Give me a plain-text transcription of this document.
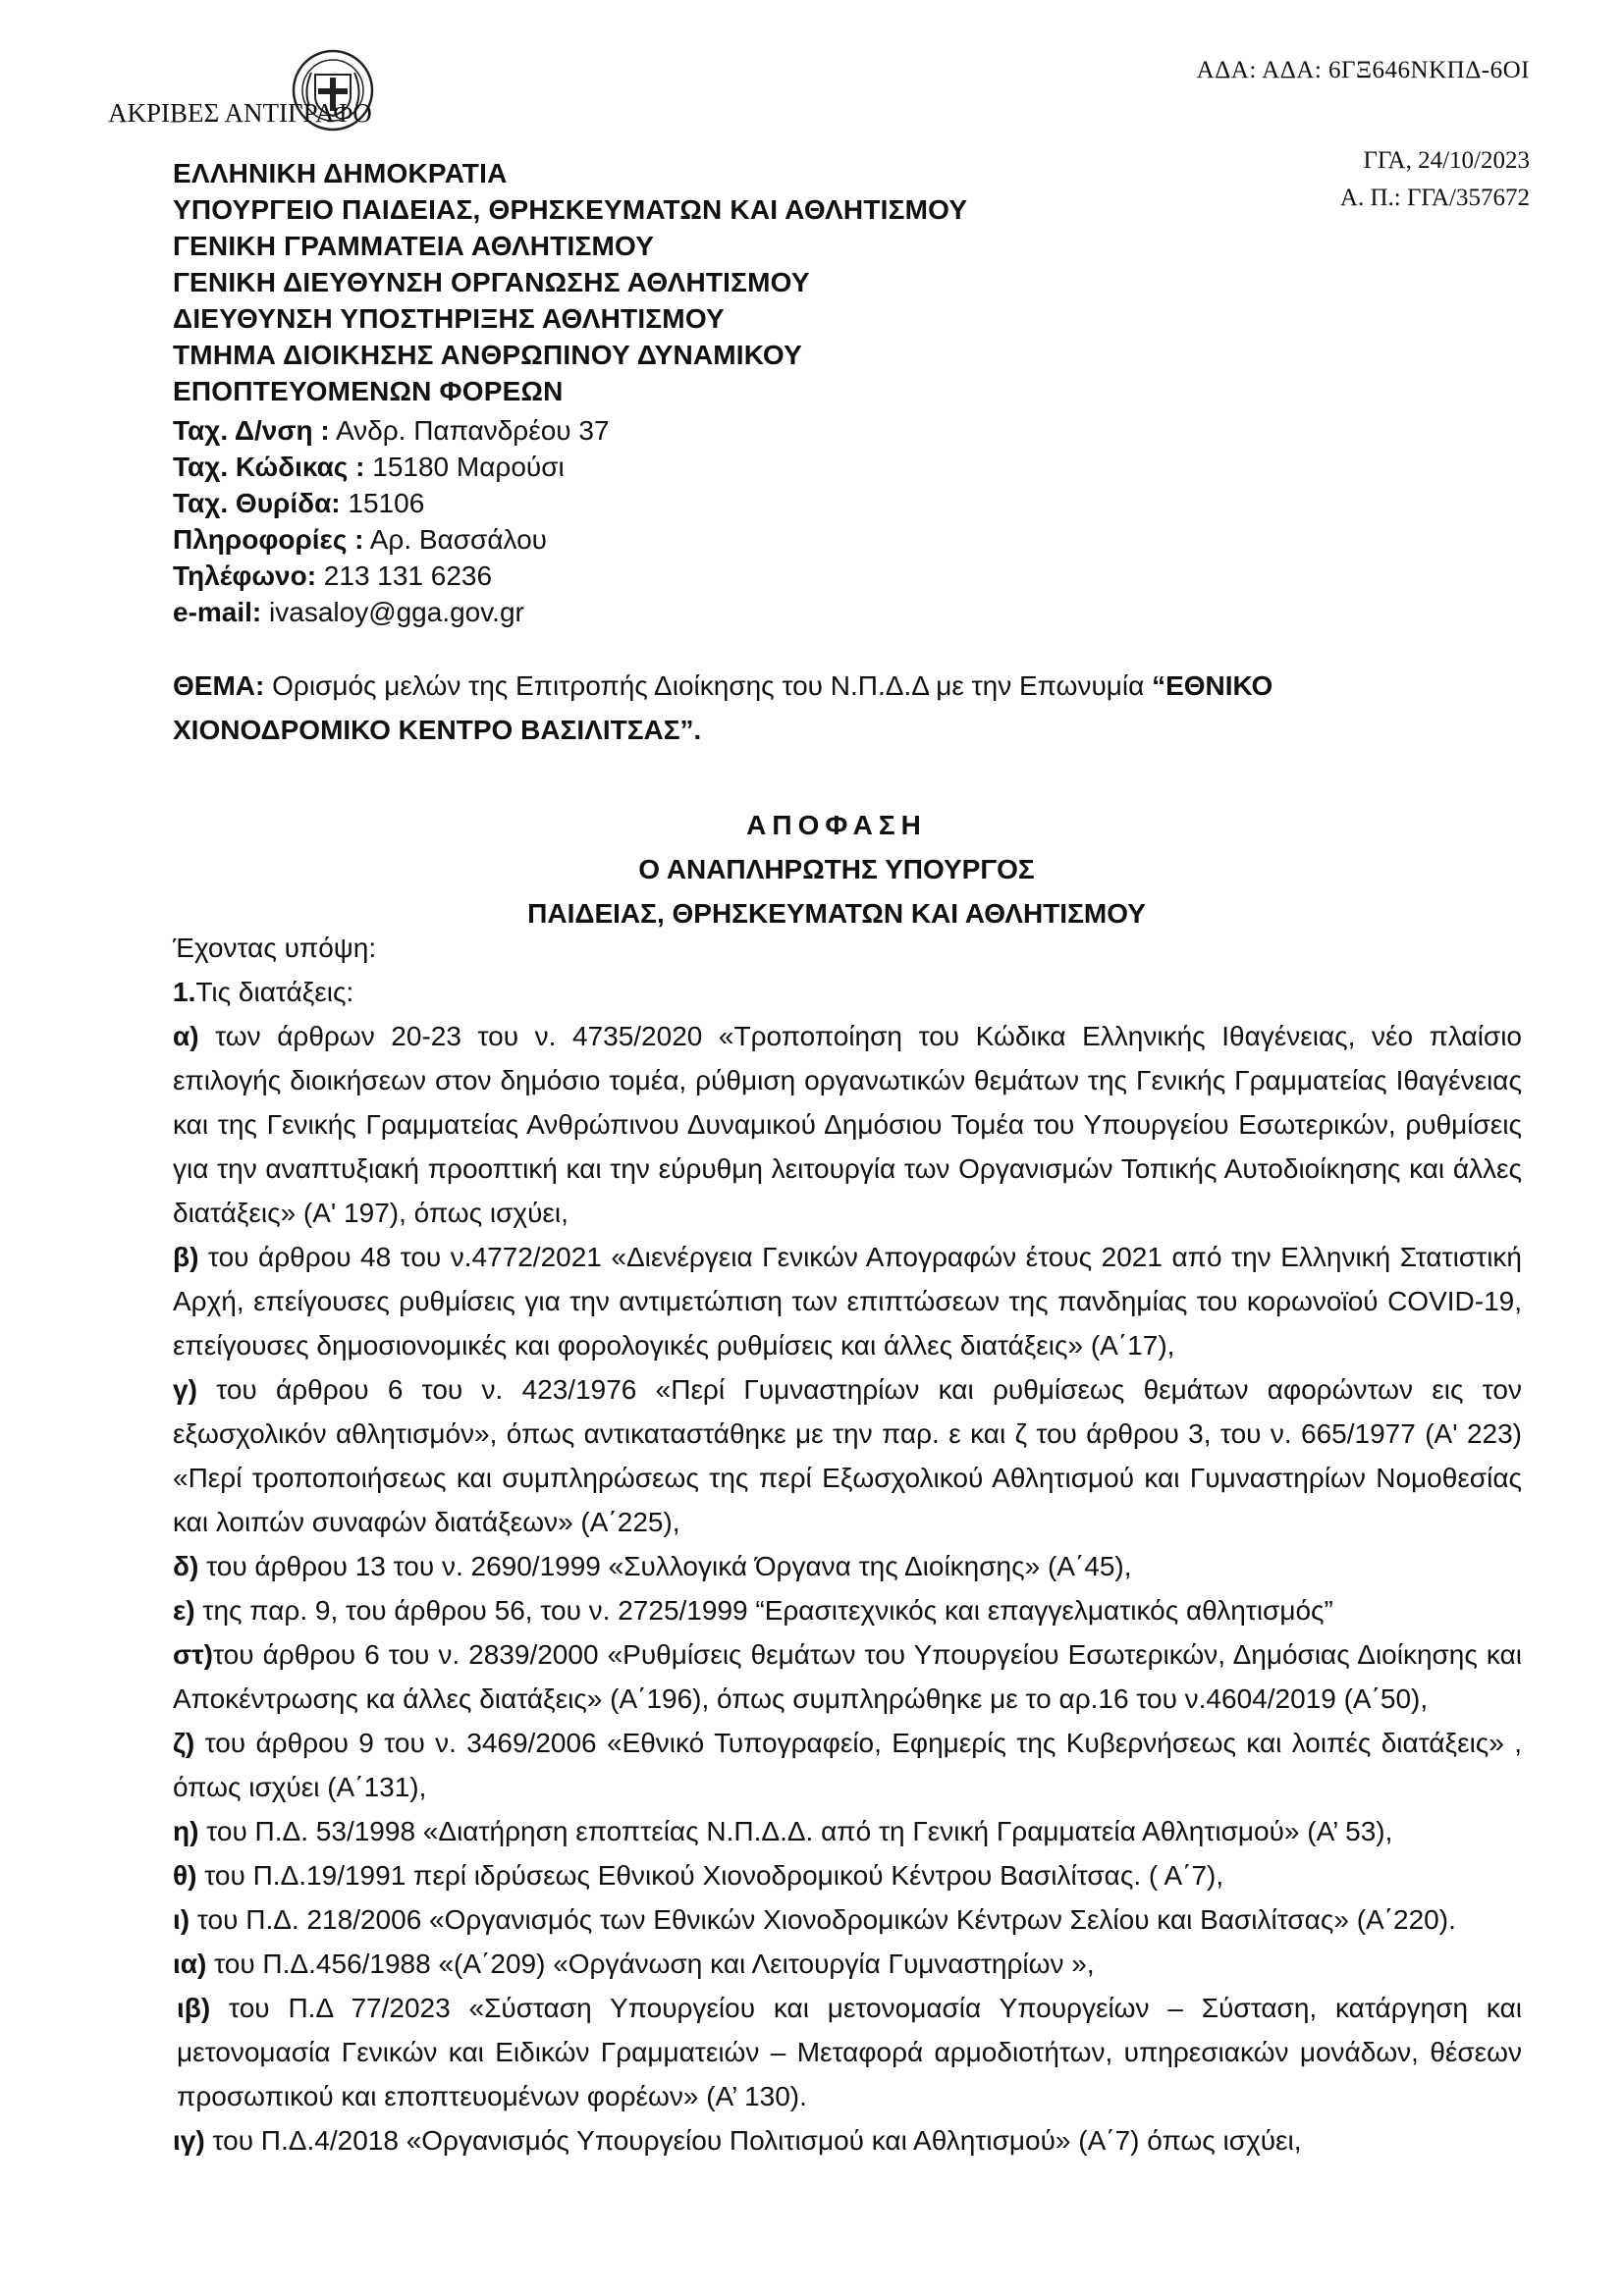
ΑΚΡΙΒΕΣ ΑΝΤΙΓΡΑΦΟ
ΑΔΑ: ΑΔΑ: 6ΓΞ646ΝΚΠΔ-6ΟΙ
ΓΓΑ, 24/10/2023
Α. Π.: ΓΓΑ/357672
ΕΛΛΗΝΙΚΗ ΔΗΜΟΚΡΑΤΙΑ
ΥΠΟΥΡΓΕΙΟ ΠΑΙΔΕΙΑΣ, ΘΡΗΣΚΕΥΜΑΤΩΝ ΚΑΙ ΑΘΛΗΤΙΣΜΟΥ
ΓΕΝΙΚΗ ΓΡΑΜΜΑΤΕΙΑ ΑΘΛΗΤΙΣΜΟΥ
ΓΕΝΙΚΗ ΔΙΕΥΘΥΝΣΗ ΟΡΓΑΝΩΣΗΣ ΑΘΛΗΤΙΣΜΟΥ
ΔΙΕΥΘΥΝΣΗ ΥΠΟΣΤΗΡΙΞΗΣ ΑΘΛΗΤΙΣΜΟΥ
ΤΜΗΜΑ ΔΙΟΙΚΗΣΗΣ ΑΝΘΡΩΠΙΝΟΥ ΔΥΝΑΜΙΚΟΥ
ΕΠΟΠΤΕΥΟΜΕΝΩΝ ΦΟΡΕΩΝ
Ταχ. Δ/νση : Ανδρ. Παπανδρέου 37
Ταχ. Κώδικας : 15180 Μαρούσι
Ταχ. Θυρίδα: 15106
Πληροφορίες : Αρ. Βασσάλου
Τηλέφωνο: 213 131 6236
e-mail: ivasaloy@gga.gov.gr
ΘΕΜΑ: Ορισμός μελών της Επιτροπής Διοίκησης του Ν.Π.Δ.Δ με την Επωνυμία “ΕΘΝΙΚΟ ΧΙΟΝΟΔΡΟΜΙΚΟ ΚΕΝΤΡΟ ΒΑΣΙΛΙΤΣΑΣ”.
ΑΠΟΦΑΣΗ
Ο ΑΝΑΠΛΗΡΩΤΗΣ ΥΠΟΥΡΓΟΣ
ΠΑΙΔΕΙΑΣ, ΘΡΗΣΚΕΥΜΑΤΩΝ ΚΑΙ ΑΘΛΗΤΙΣΜΟΥ

Έχοντας υπόψη:

1.Τις διατάξεις:

α) των άρθρων 20-23 του ν. 4735/2020 «Τροποποίηση του Κώδικα Ελληνικής Ιθαγένειας, νέο πλαίσιο επιλογής διοικήσεων στον δημόσιο τομέα, ρύθμιση οργανωτικών θεμάτων της Γενικής Γραμματείας Ιθαγένειας και της Γενικής Γραμματείας Ανθρώπινου Δυναμικού Δημόσιου Τομέα του Υπουργείου Εσωτερικών, ρυθμίσεις για την αναπτυξιακή προοπτική και την εύρυθμη λειτουργία των Οργανισμών Τοπικής Αυτοδιοίκησης και άλλες διατάξεις» (Α' 197), όπως ισχύει,

β) του άρθρου 48 του ν.4772/2021 «Διενέργεια Γενικών Απογραφών έτους 2021 από την Ελληνική Στατιστική Αρχή, επείγουσες ρυθμίσεις για την αντιμετώπιση των επιπτώσεων της πανδημίας του κορωνοϊού COVID-19, επείγουσες δημοσιονομικές και φορολογικές ρυθμίσεις και άλλες διατάξεις» (Α΄17),

γ) του άρθρου 6 του ν. 423/1976 «Περί Γυμναστηρίων και ρυθμίσεως θεμάτων αφορώντων εις τον εξωσχολικόν αθλητισμόν», όπως αντικαταστάθηκε με την παρ. ε και ζ του άρθρου 3, του ν. 665/1977 (Α' 223) «Περί τροποποιήσεως και συμπληρώσεως της περί Εξωσχολικού Αθλητισμού και Γυμναστηρίων Νομοθεσίας και λοιπών συναφών διατάξεων» (Α΄225),

δ) του άρθρου 13 του ν. 2690/1999 «Συλλογικά Όργανα της Διοίκησης» (Α΄45),

ε) της παρ. 9, του άρθρου 56, του ν. 2725/1999 “Ερασιτεχνικός και επαγγελματικός αθλητισμός”

στ)του άρθρου 6 του ν. 2839/2000 «Ρυθμίσεις θεμάτων του Υπουργείου Εσωτερικών, Δημόσιας Διοίκησης και Αποκέντρωσης κα άλλες διατάξεις» (Α΄196), όπως συμπληρώθηκε με το αρ.16 του ν.4604/2019 (Α΄50),

ζ) του άρθρου 9 του ν. 3469/2006 «Εθνικό Τυπογραφείο, Εφημερίς της Κυβερνήσεως και λοιπές διατάξεις» , όπως ισχύει (Α΄131),

η) του Π.Δ. 53/1998 «Διατήρηση εποπτείας Ν.Π.Δ.Δ. από τη Γενική Γραμματεία Αθλητισμού» (Α’ 53),

θ) του Π.Δ.19/1991 περί ιδρύσεως Εθνικού Χιονοδρομικού Κέντρου Βασιλίτσας. ( Α΄7),

ι) του Π.Δ. 218/2006 «Οργανισμός των Εθνικών Χιονοδρομικών Κέντρων Σελίου και Βασιλίτσας» (Α΄220).

ια) του Π.Δ.456/1988 «(Α΄209) «Οργάνωση και Λειτουργία Γυμναστηρίων »,

ιβ) του Π.Δ 77/2023 «Σύσταση Υπουργείου και μετονομασία Υπουργείων – Σύσταση, κατάργηση και μετονομασία Γενικών και Ειδικών Γραμματειών – Μεταφορά αρμοδιοτήτων, υπηρεσιακών μονάδων, θέσεων προσωπικού και εποπτευομένων φορέων» (Α’ 130).

ιγ) του Π.Δ.4/2018 «Οργανισμός Υπουργείου Πολιτισμού και Αθλητισμού» (Α΄7) όπως ισχύει,
